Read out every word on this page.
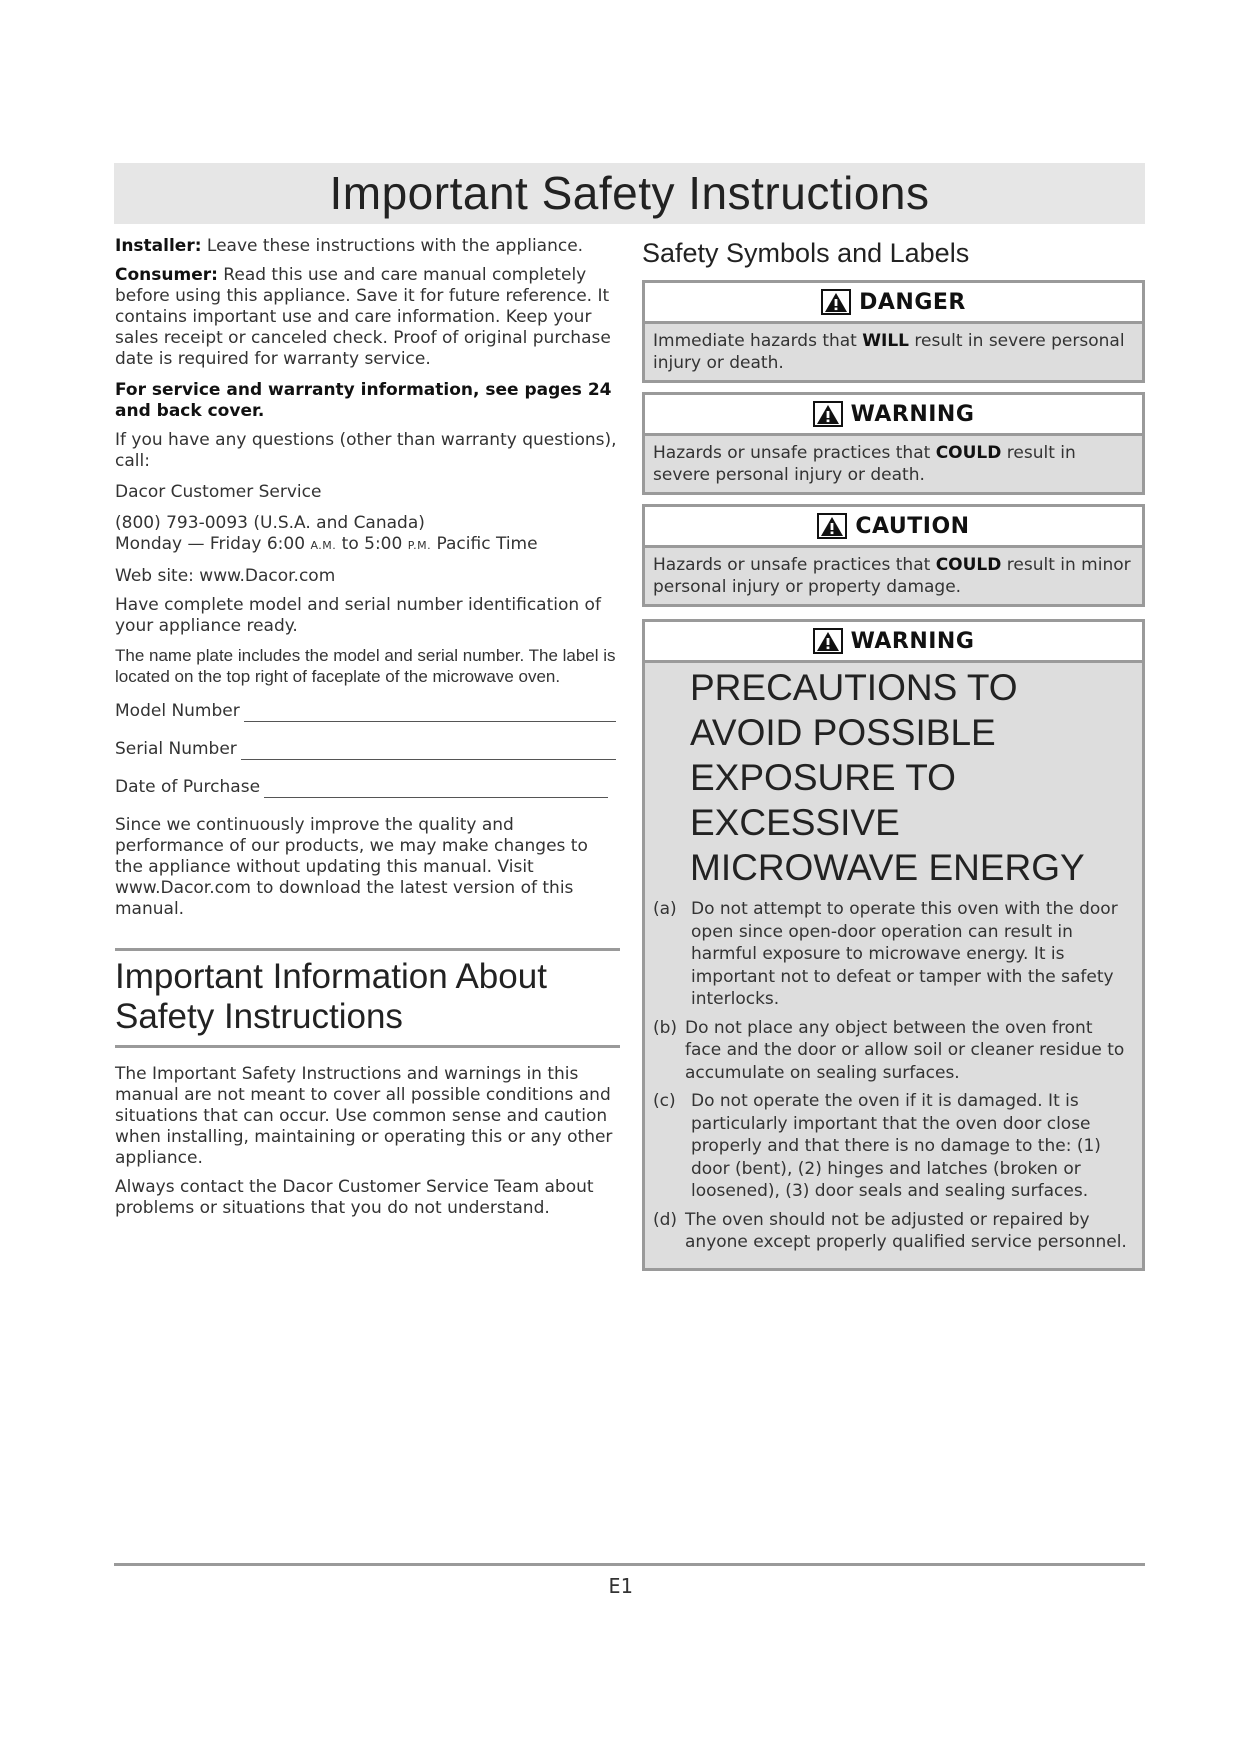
Important Safety Instructions

Installer: Leave these instructions with the appliance.

Consumer: Read this use and care manual completely before using this appliance. Save it for future reference. It contains important use and care information. Keep your sales receipt or canceled check. Proof of original purchase date is required for warranty service.

For service and warranty information, see pages 24 and back cover.

If you have any questions (other than warranty questions), call:

Dacor Customer Service

(800) 793-0093 (U.S.A. and Canada)

Monday — Friday 6:00 A.M. to 5:00 P.M. Pacific Time

Web site: www.Dacor.com

Have complete model and serial number identification of your appliance ready.

The name plate includes the model and serial number. The label is located on the top right of faceplate of the microwave oven.

Model Number
Serial Number
Date of Purchase

Since we continuously improve the quality and performance of our products, we may make changes to the appliance without updating this manual. Visit www.Dacor.com to download the latest version of this manual.

Important Information About Safety Instructions

The Important Safety Instructions and warnings in this manual are not meant to cover all possible conditions and situations that can occur. Use common sense and caution when installing, maintaining or operating this or any other appliance.

Always contact the Dacor Customer Service Team about problems or situations that you do not understand.

Safety Symbols and Labels
DANGER
Immediate hazards that WILL result in severe personal injury or death.
WARNING
Hazards or unsafe practices that COULD result in severe personal injury or death.
CAUTION
Hazards or unsafe practices that COULD result in minor personal injury or property damage.
WARNING

PRECAUTIONS TO AVOID POSSIBLE EXPOSURE TO EXCESSIVE MICROWAVE ENERGY

(a) Do not attempt to operate this oven with the door open since open-door operation can result in harmful exposure to microwave energy. It is important not to defeat or tamper with the safety interlocks.
(b) Do not place any object between the oven front face and the door or allow soil or cleaner residue to accumulate on sealing surfaces.
(c) Do not operate the oven if it is damaged. It is particularly important that the oven door close properly and that there is no damage to the: (1) door (bent), (2) hinges and latches (broken or loosened), (3) door seals and sealing surfaces.
(d) The oven should not be adjusted or repaired by anyone except properly qualified service personnel.
E1
